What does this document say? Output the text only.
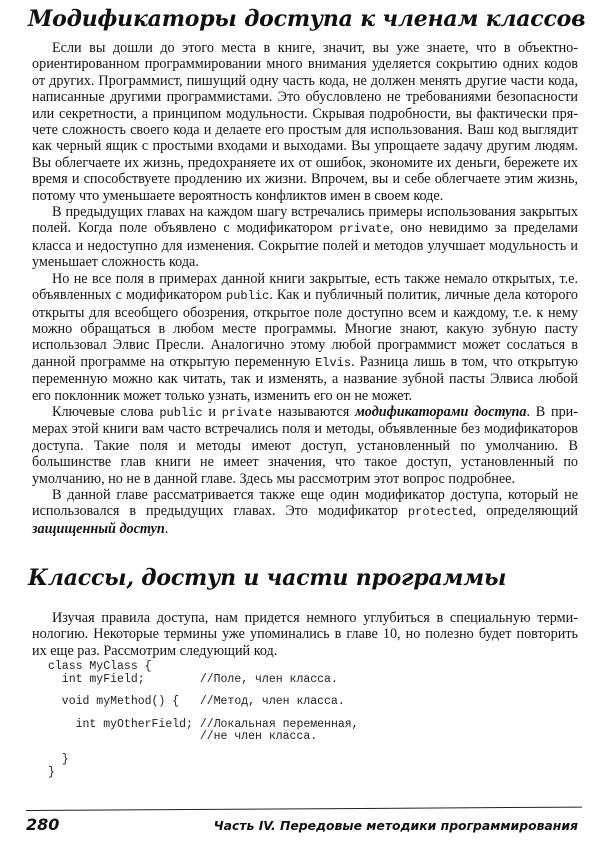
Модификаторы доступа к членам классов

Если вы дошли до этого места в книге, значит, вы уже знаете, что в объектно-ориентированном программировании много внимания уделяется сокрытию одних кодов от других. Программист, пишущий одну часть кода, не должен менять другие части кода, написанные другими программистами. Это обусловлено не требованиями безопасности или секретности, а принципом модульности. Скрывая подробности, вы фактически прячете сложность своего кода и делаете его простым для использования. Ваш код выглядит как черный ящик с простыми входами и выходами. Вы упрощаете задачу другим людям. Вы облегчаете их жизнь, предохраняете их от ошибок, экономите их деньги, бережете их время и способствуете продлению их жизни. Впрочем, вы и себе облегчаете этим жизнь, потому что уменьшаете вероятность конфликтов имен в своем коде.

В предыдущих главах на каждом шагу встречались примеры использования закрытых полей. Когда поле объявлено с модификатором private, оно невидимо за пределами класса и недоступно для изменения. Сокрытие полей и методов улучшает модульность и уменьшает сложность кода.

Но не все поля в примерах данной книги закрытые, есть также немало открытых, т.е. объявленных с модификатором public. Как и публичный политик, личные дела которого открыты для всеобщего обозрения, открытое поле доступно всем и каждому, т.е. к нему можно обращаться в любом месте программы. Многие знают, какую зубную пасту использовал Элвис Пресли. Аналогично этому любой программист может сослаться в данной программе на открытую переменную Elvis. Разница лишь в том, что открытую переменную можно как читать, так и изменять, а название зубной пасты Элвиса любой его поклонник может только узнать, изменить его он не может.

Ключевые слова public и private называются модификаторами доступа. В примерах этой книги вам часто встречались поля и методы, объявленные без модификаторов доступа. Такие поля и методы имеют доступ, установленный по умолчанию. В большинстве глав книги не имеет значения, что такое доступ, установленный по умолчанию, но не в данной главе. Здесь мы рассмотрим этот вопрос подробнее.

В данной главе рассматривается также еще один модификатор доступа, который не использовался в предыдущих главах. Это модификатор protected, определяющий защищенный доступ.

Классы, доступ и части программы

Изучая правила доступа, нам придется немного углубиться в специальную терминологию. Некоторые термины уже упоминались в главе 10, но полезно будет повторить их еще раз. Рассмотрим следующий код.

class MyClass {
int myField;        //Поле, член класса.
void myMethod() {   //Метод, член класса.
int myOtherField; //Локальная переменная,
//не член класса.
}
}
280	Часть IV. Передовые методики программирования
